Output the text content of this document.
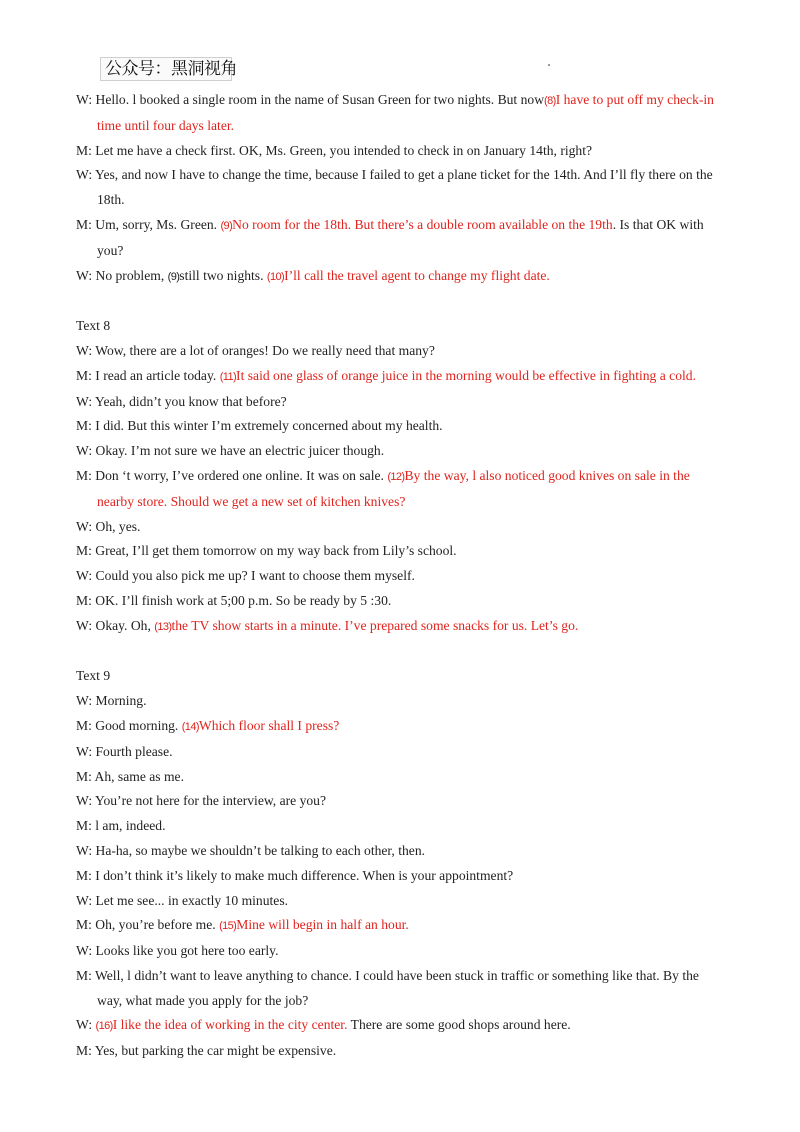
公众号：黑洞视角

W: Hello. l booked a single room in the name of Susan Green for two nights. But now(8)I have to put off my check-in time until four days later.

M: Let me have a check first. OK, Ms. Green, you intended to check in on January 14th, right?

W: Yes, and now I have to change the time, because I failed to get a plane ticket for the 14th. And I’ll fly there on the 18th.

M: Um, sorry, Ms. Green. (9)No room for the 18th. But there’s a double room available on the 19th. Is that OK with you?

W: No problem, (9)still two nights. (10)I’ll call the travel agent to change my flight date.

Text 8

W: Wow, there are a lot of oranges! Do we really need that many?

M: I read an article today. (11)It said one glass of orange juice in the morning would be effective in fighting a cold.

W: Yeah, didn’t you know that before?

M: I did. But this winter I’m extremely concerned about my health.

W: Okay. I’m not sure we have an electric juicer though.

M: Don ‘t worry, I’ve ordered one online. It was on sale. (12)By the way, l also noticed good knives on sale in the nearby store. Should we get a new set of kitchen knives?

W: Oh, yes.

M: Great, I’ll get them tomorrow on my way back from Lily’s school.

W: Could you also pick me up? I want to choose them myself.

M: OK. I’ll finish work at 5;00 p.m. So be ready by 5 :30.

W: Okay. Oh, (13)the TV show starts in a minute. I’ve prepared some snacks for us. Let’s go.

Text 9

W: Morning.

M: Good morning. (14)Which floor shall I press?

W: Fourth please.

M: Ah, same as me.

W: You’re not here for the interview, are you?

M: l am, indeed.

W: Ha-ha, so maybe we shouldn’t be talking to each other, then.

M: I don’t think it’s likely to make much difference. When is your appointment?

W: Let me see... in exactly 10 minutes.

M: Oh, you’re before me. (15)Mine will begin in half an hour.

W: Looks like you got here too early.

M: Well, l didn’t want to leave anything to chance. I could have been stuck in traffic or something like that. By the way, what made you apply for the job?

W: (16)I like the idea of working in the city center. There are some good shops around here.

M: Yes, but parking the car might be expensive.
